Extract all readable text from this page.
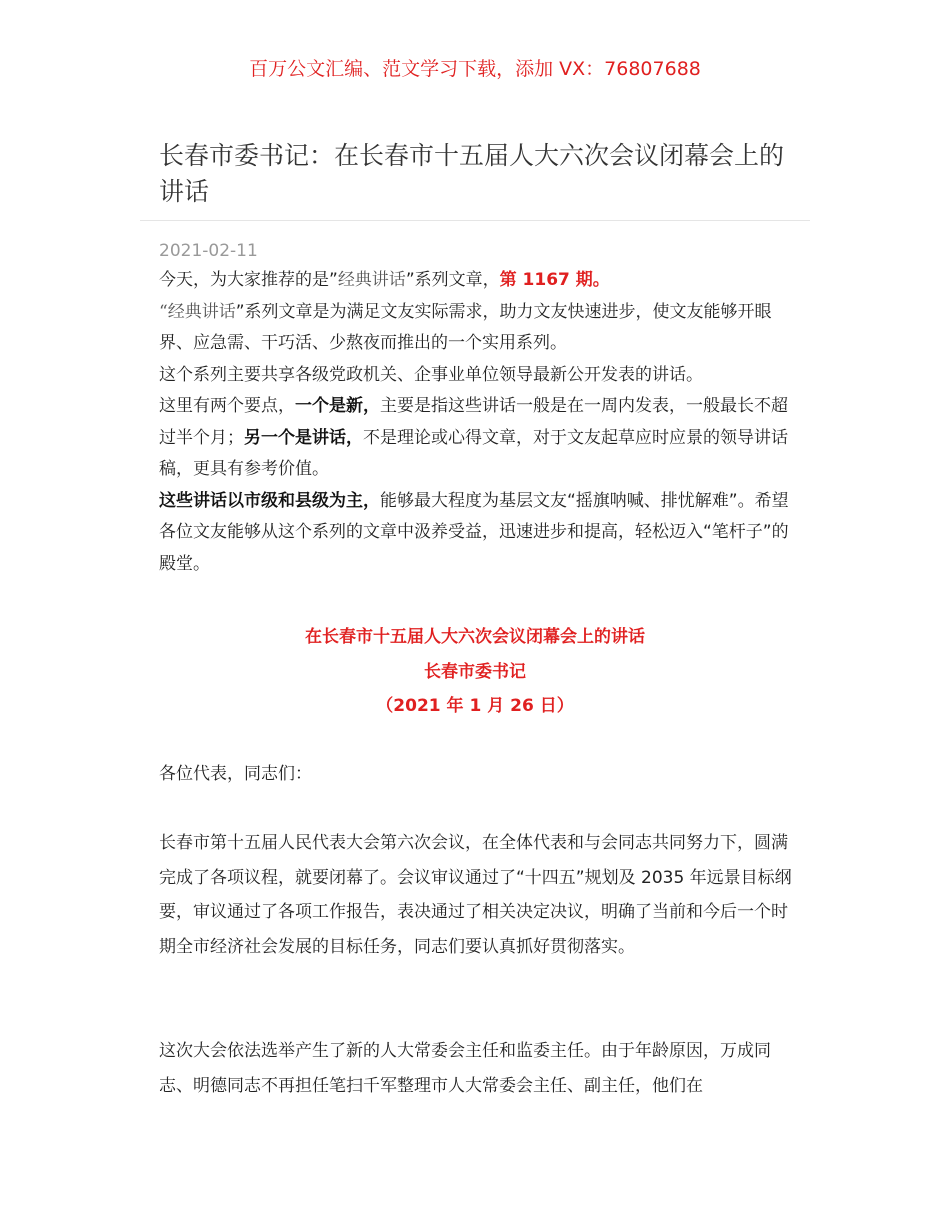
百万公文汇编、范文学习下载，添加 VX：76807688
长春市委书记：在长春市十五届人大六次会议闭幕会上的讲话
2021-02-11

今天，为大家推荐的是”经典讲话”系列文章，第 1167 期。

“经典讲话”系列文章是为满足文友实际需求，助力文友快速进步，使文友能够开眼界、应急需、干巧活、少熬夜而推出的一个实用系列。

这个系列主要共享各级党政机关、企事业单位领导最新公开发表的讲话。

这里有两个要点，一个是新，主要是指这些讲话一般是在一周内发表，一般最长不超过半个月；另一个是讲话，不是理论或心得文章，对于文友起草应时应景的领导讲话稿，更具有参考价值。

这些讲话以市级和县级为主，能够最大程度为基层文友“摇旗呐喊、排忧解难”。希望各位文友能够从这个系列的文章中汲养受益，迅速进步和提高，轻松迈入“笔杆子”的殿堂。

在长春市十五届人大六次会议闭幕会上的讲话
长春市委书记
（2021 年 1 月 26 日）
各位代表，同志们：
长春市第十五届人民代表大会第六次会议，在全体代表和与会同志共同努力下，圆满完成了各项议程，就要闭幕了。会议审议通过了“十四五”规划及 2035 年远景目标纲要，审议通过了各项工作报告，表决通过了相关决定决议，明确了当前和今后一个时期全市经济社会发展的目标任务，同志们要认真抓好贯彻落实。
这次大会依法选举产生了新的人大常委会主任和监委主任。由于年龄原因，万成同志、明德同志不再担任笔扫千军整理市人大常委会主任、副主任，他们在
